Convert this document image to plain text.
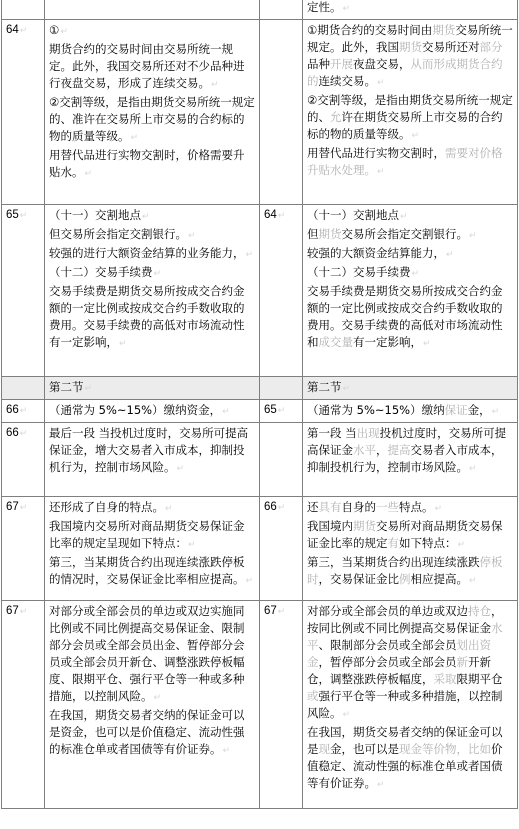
			定性。 ↵

64 ↵	① ↵
期货合约的交易时间由交易所统一规定。此外，我国交易所还对不少品种进行夜盘交易，形成了连续交易。 ↵
②交割等级，是指由期货交易所统一规定的、准许在交易所上市交易的合约标的物的质量等级。 ↵
用替代品进行实物交割时，价格需要升贴水。 ↵		①期货合约的交易时间由期货交易所统一规定。此外，我国期货交易所还对部分品种开展夜盘交易，从而形成期货合约的连续交易。 ↵
②交割等级，是指由期货交易所统一规定的、允许在期货交易所上市交易的合约标的物的质量等级。 ↵
用替代品进行实物交割时，需要对价格升贴水处理。 ↵

65 ↵	（十一）交割地点 ↵
但交易所会指定交割银行。 ↵
较强的进行大额资金结算的业务能力， ↵
（十二）交易手续费 ↵
交易手续费是期货交易所按成交合约金额的一定比例或按成交合约手数收取的费用。交易手续费的高低对市场流动性有一定影响， ↵	64 ↵	（十一）交割地点 ↵
但期货交易所会指定交割银行。 ↵
较强的大额资金结算能力， ↵
（十二）交易手续费 ↵
交易手续费是期货交易所按成交合约金额的一定比例或按成交合约手数收取的费用。交易手续费的高低对市场流动性和成交量有一定影响， ↵

	第二节 ↵		第二节 ↵

66 ↵	（通常为 5%~15%）缴纳资金， ↵	65 ↵	（通常为 5%~15%）缴纳保证金， ↵

66 ↵	最后一段 当投机过度时，交易所可提高保证金，增大交易者入市成本，抑制投机行为，控制市场风险。 ↵		第一段 当出现投机过度时，交易所可提高保证金水平，提高交易者入市成本，抑制投机行为，控制市场风险。 ↵

67 ↵	还形成了自身的特点。 ↵
我国境内交易所对商品期货交易保证金比率的规定呈现如下特点： ↵
第三，当某期货合约出现连续涨跌停板的情况时，交易保证金比率相应提高。 ↵	66 ↵	还具有自身的一些特点。 ↵
我国境内期货交易所对商品期货交易保证金比率的规定有如下特点： ↵
第三，当某期货合约出现连续涨跌停板时，交易保证金比例相应提高。 ↵

67 ↵	对部分或全部会员的单边或双边实施同比例或不同比例提高交易保证金、限制部分会员或全部会员出金、暂停部分会员或全部会员开新仓、调整涨跌停板幅度、限期平仓、强行平仓等一种或多种措施，以控制风险。 ↵
在我国，期货交易者交纳的保证金可以是资金，也可以是价值稳定、流动性强的标准仓单或者国债等有价证券。 ↵	67 ↵	对部分或全部会员的单边或双边持仓，按同比例或不同比例提高交易保证金水平、限制部分会员或全部会员划出资金，暂停部分会员或全部会员新开新仓，调整涨跌停板幅度，采取限期平仓或强行平仓等一种或多种措施，以控制风险。 ↵
在我国，期货交易者交纳的保证金可以是现金，也可以是现金等价物，比如价值稳定、流动性强的标准仓单或者国债等有价证券。 ↵
